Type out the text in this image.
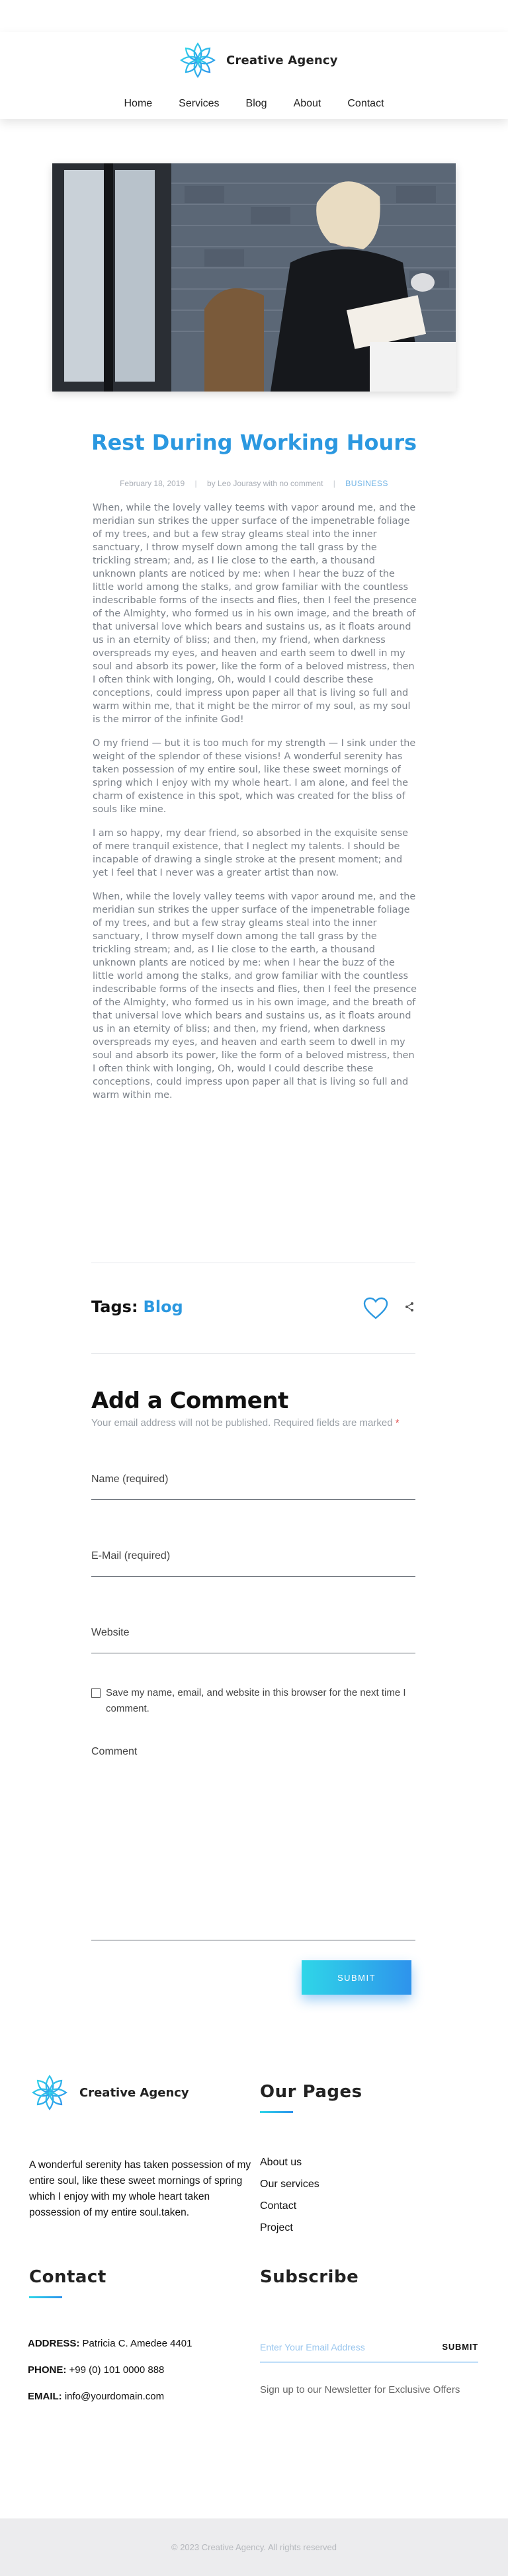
Creative Agency
Home	Services	Blog	About	Contact
Rest During Working Hours
February 18, 2019 | by Leo Jourasy with no comment | BUSINESS

When, while the lovely valley teems with vapor around me, and the meridian sun strikes the upper surface of the impenetrable foliage of my trees, and but a few stray gleams steal into the inner sanctuary, I throw myself down among the tall grass by the trickling stream; and, as I lie close to the earth, a thousand unknown plants are noticed by me: when I hear the buzz of the little world among the stalks, and grow familiar with the countless indescribable forms of the insects and flies, then I feel the presence of the Almighty, who formed us in his own image, and the breath of that universal love which bears and sustains us, as it floats around us in an eternity of bliss; and then, my friend, when darkness overspreads my eyes, and heaven and earth seem to dwell in my soul and absorb its power, like the form of a beloved mistress, then I often think with longing, Oh, would I could describe these conceptions, could impress upon paper all that is living so full and warm within me, that it might be the mirror of my soul, as my soul is the mirror of the infinite God!

O my friend — but it is too much for my strength — I sink under the weight of the splendor of these visions! A wonderful serenity has taken possession of my entire soul, like these sweet mornings of spring which I enjoy with my whole heart. I am alone, and feel the charm of existence in this spot, which was created for the bliss of souls like mine.

I am so happy, my dear friend, so absorbed in the exquisite sense of mere tranquil existence, that I neglect my talents. I should be incapable of drawing a single stroke at the present moment; and yet I feel that I never was a greater artist than now.

When, while the lovely valley teems with vapor around me, and the meridian sun strikes the upper surface of the impenetrable foliage of my trees, and but a few stray gleams steal into the inner sanctuary, I throw myself down among the tall grass by the trickling stream; and, as I lie close to the earth, a thousand unknown plants are noticed by me: when I hear the buzz of the little world among the stalks, and grow familiar with the countless indescribable forms of the insects and flies, then I feel the presence of the Almighty, who formed us in his own image, and the breath of that universal love which bears and sustains us, as it floats around us in an eternity of bliss; and then, my friend, when darkness overspreads my eyes, and heaven and earth seem to dwell in my soul and absorb its power, like the form of a beloved mistress, then I often think with longing, Oh, would I could describe these conceptions, could impress upon paper all that is living so full and warm within me.

Tags: Blog
Add a Comment

Your email address will not be published. Required fields are marked *

Name (required)
E-Mail (required)
Website
Save my name, email, and website in this browser for the next time I comment.
Comment
SUBMIT
Creative Agency

A wonderful serenity has taken possession of my entire soul, like these sweet mornings of spring which I enjoy with my whole heart taken possession of my entire soul.taken.

Our Pages
About us
Our services
Contact
Project
Contact
ADDRESS: Patricia C. Amedee 4401
PHONE: +99 (0) 101 0000 888
EMAIL: info@yourdomain.com
Subscribe
Enter Your Email Address
SUBMIT

Sign up to our Newsletter for Exclusive Offers

© 2023 Creative Agency. All rights reserved
